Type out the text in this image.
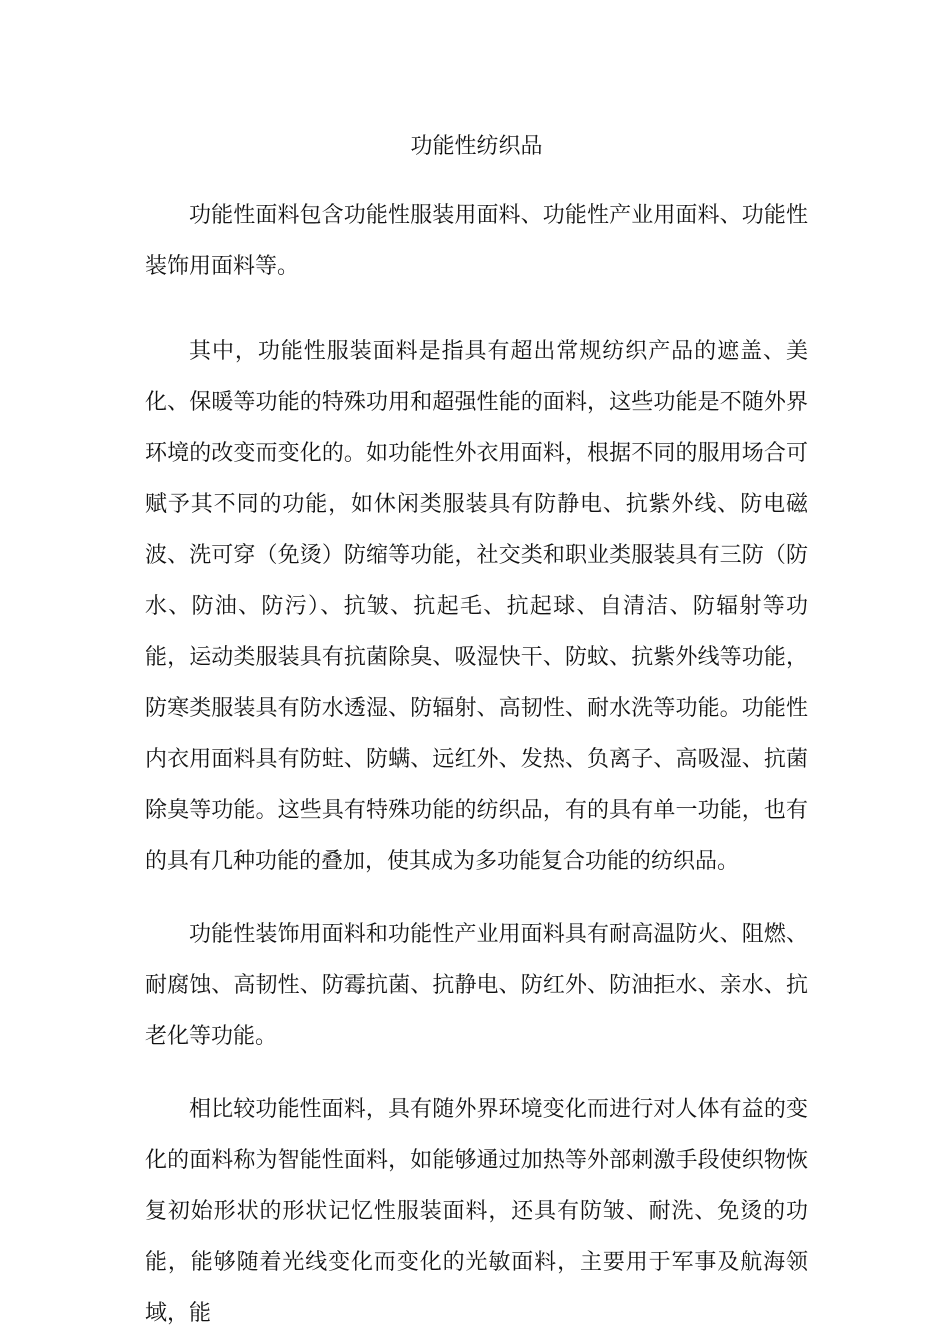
功能性纺织品

功能性面料包含功能性服装用面料、功能性产业用面料、功能性装饰用面料等。

其中，功能性服装面料是指具有超出常规纺织产品的遮盖、美化、保暖等功能的特殊功用和超强性能的面料，这些功能是不随外界环境的改变而变化的。如功能性外衣用面料，根据不同的服用场合可赋予其不同的功能，如休闲类服装具有防静电、抗紫外线、防电磁波、洗可穿（免烫）防缩等功能，社交类和职业类服装具有三防（防水、防油、防污）、抗皱、抗起毛、抗起球、自清洁、防辐射等功能，运动类服装具有抗菌除臭、吸湿快干、防蚊、抗紫外线等功能，防寒类服装具有防水透湿、防辐射、高韧性、耐水洗等功能。功能性内衣用面料具有防蛀、防螨、远红外、发热、负离子、高吸湿、抗菌除臭等功能。这些具有特殊功能的纺织品，有的具有单一功能，也有的具有几种功能的叠加，使其成为多功能复合功能的纺织品。

功能性装饰用面料和功能性产业用面料具有耐高温防火、阻燃、耐腐蚀、高韧性、防霉抗菌、抗静电、防红外、防油拒水、亲水、抗老化等功能。

相比较功能性面料，具有随外界环境变化而进行对人体有益的变化的面料称为智能性面料，如能够通过加热等外部刺激手段使织物恢复初始形状的形状记忆性服装面料，还具有防皱、耐洗、免烫的功能，能够随着光线变化而变化的光敏面料，主要用于军事及航海领域，能
